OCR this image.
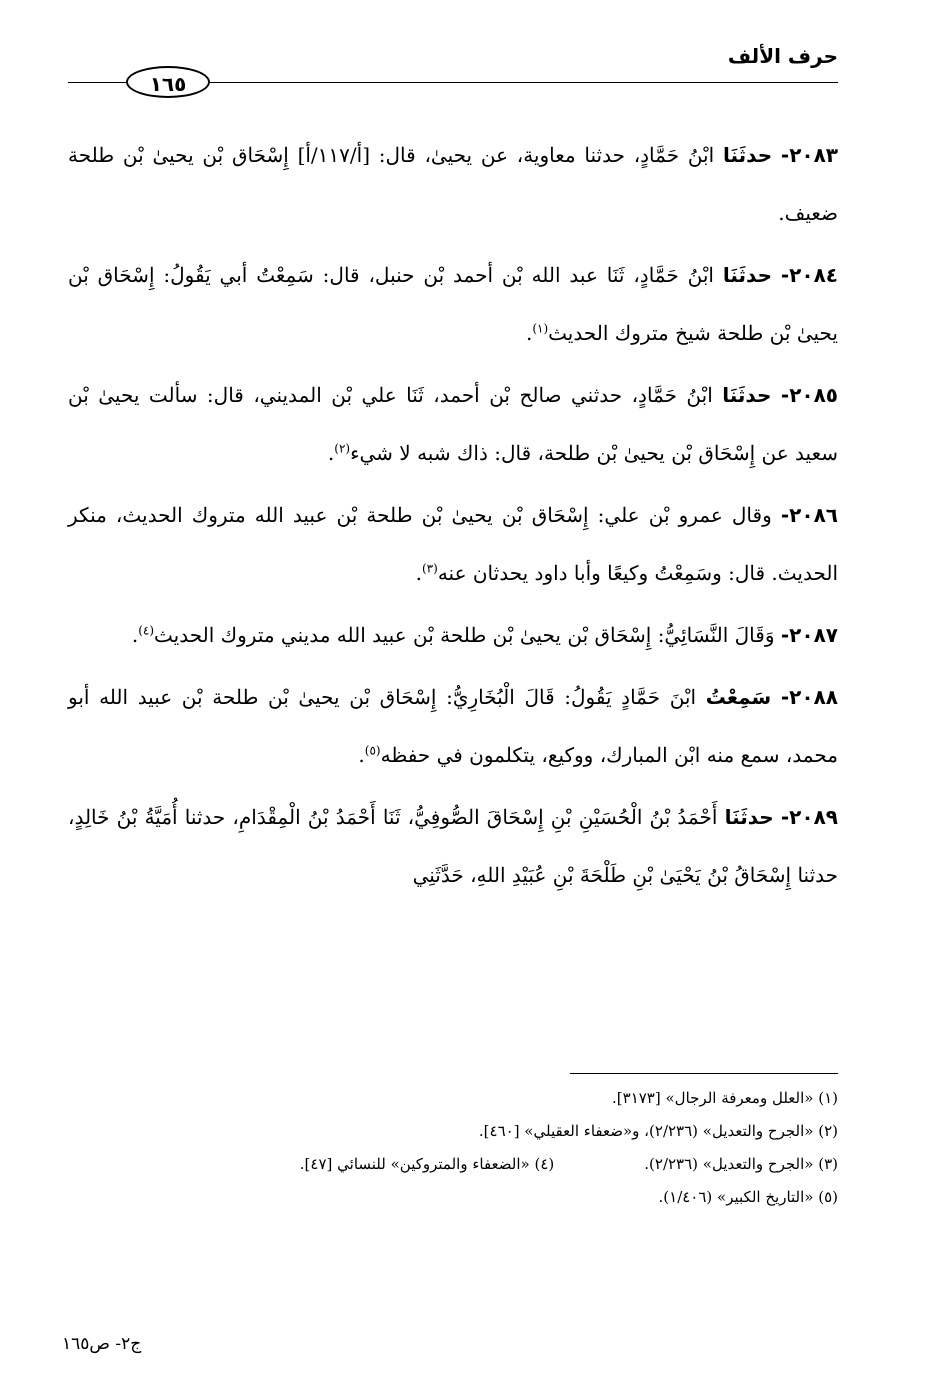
حرف الألف
١٦٥

٢٠٨٣- حدثَنَا ابْنُ حَمَّادٍ، حدثنا معاوية، عن يحيىٰ، قال: [أ/١١٧/أ] إِسْحَاق بْن يحيىٰ بْن طلحة ضعيف.

٢٠٨٤- حدثَنَا ابْنُ حَمَّادٍ، ثَنَا عبد الله بْن أحمد بْن حنبل، قال: سَمِعْتُ أبي يَقُولُ: إِسْحَاق بْن يحيىٰ بْن طلحة شيخ متروك الحديث$^{(١)}$.

٢٠٨٥- حدثَنَا ابْنُ حَمَّادٍ، حدثني صالح بْن أحمد، ثَنَا علي بْن المديني، قال: سألت يحيىٰ بْن سعيد عن إِسْحَاق بْن يحيىٰ بْن طلحة، قال: ذاك شبه لا شيء$^{(٢)}$.

٢٠٨٦- وقال عمرو بْن علي: إِسْحَاق بْن يحيىٰ بْن طلحة بْن عبيد الله متروك الحديث، منكر الحديث. قال: وسَمِعْتُ وكيعًا وأبا داود يحدثان عنه$^{(٣)}$.

٢٠٨٧- وَقَالَ النَّسَائِيُّ: إِسْحَاق بْن يحيىٰ بْن طلحة بْن عبيد الله مديني متروك الحديث$^{(٤)}$.

٢٠٨٨- سَمِعْتُ ابْنَ حَمَّادٍ يَقُولُ: قَالَ الْبُخَارِيُّ: إِسْحَاق بْن يحيىٰ بْن طلحة بْن عبيد الله أبو محمد، سمع منه ابْن المبارك، ووكيع، يتكلمون في حفظه$^{(٥)}$.

٢٠٨٩- حدثَنَا أَحْمَدُ بْنُ الْحُسَيْنِ بْنِ إِسْحَاقَ الصُّوفِيُّ، ثَنَا أَحْمَدُ بْنُ الْمِقْدَامِ، حدثنا أُمَيَّةُ بْنُ خَالِدٍ، حدثنا إِسْحَاقُ بْنُ يَحْيَىٰ بْنِ طَلْحَةَ بْنِ عُبَيْدِ اللهِ، حَدَّثَنِي

(١) «العلل ومعرفة الرجال» [٣١٧٣].
(٢) «الجرح والتعديل» (٢/٢٣٦)، و«ضعفاء العقيلي» [٤٦٠].
(٣) «الجرح والتعديل» (٢/٢٣٦).
(٤) «الضعفاء والمتروكين» للنسائي [٤٧].
(٥) «التاريخ الكبير» (١/٤٠٦).
ج٢- ص١٦٥
